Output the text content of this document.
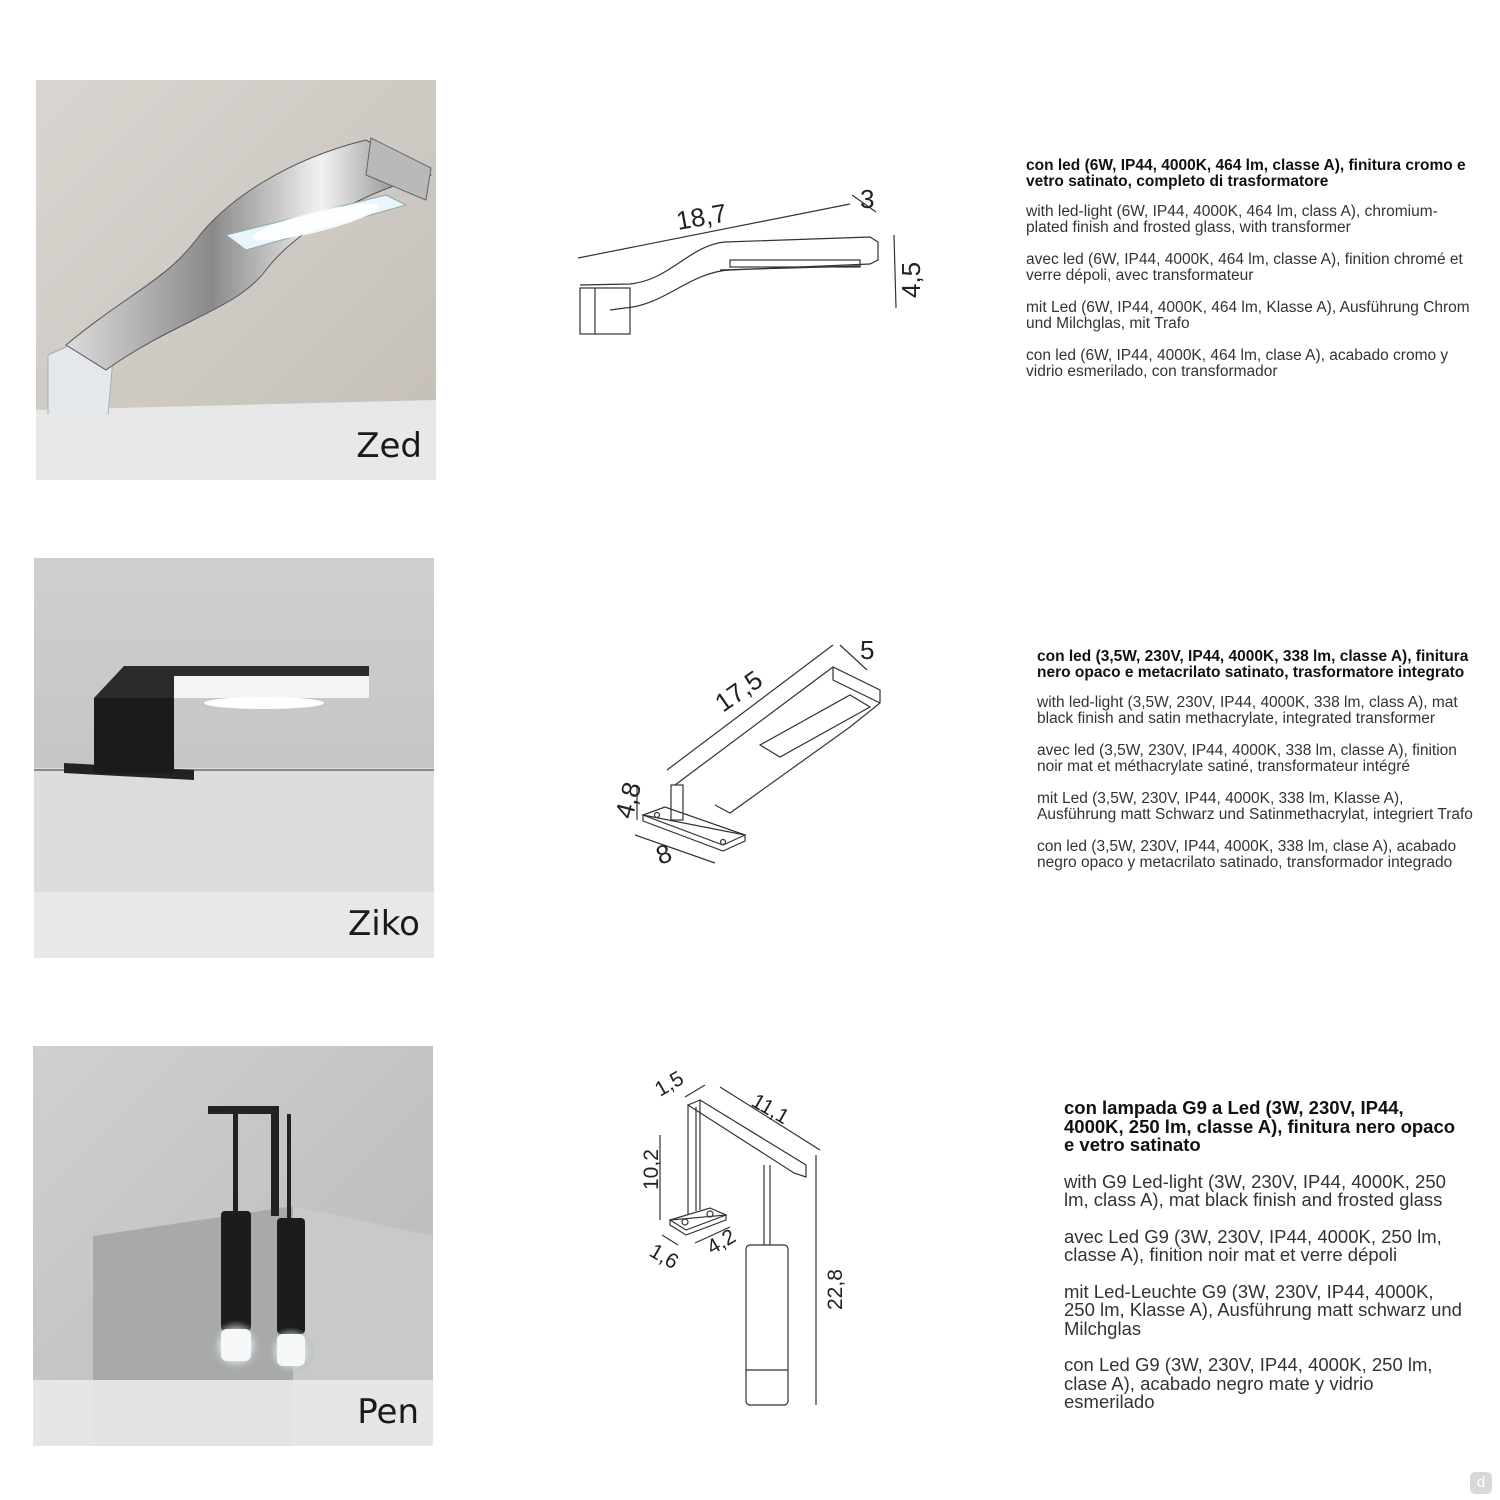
Zed
18,7	3
4,5

con led (6W, IP44, 4000K, 464 lm, classe A), finitura cromo e vetro satinato, completo di trasformatore

with led-light (6W, IP44, 4000K, 464 lm, class A), chromium-plated finish and frosted glass, with transformer

avec led (6W, IP44, 4000K, 464 lm, classe A), finition chromé et verre dépoli, avec transformateur

mit Led (6W, IP44, 4000K, 464 lm, Klasse A), Ausführung Chrom und Milchglas, mit Trafo

con led (6W, IP44, 4000K, 464 lm, clase A), acabado cromo y vidrio esmerilado, con transformador

Ziko
17,5
5
4,8
8

con led (3,5W, 230V, IP44, 4000K, 338 lm, classe A), finitura nero opaco e metacrilato satinato, trasformatore integrato

with led-light (3,5W, 230V, IP44, 4000K, 338 lm, class A), mat black finish and satin methacrylate, integrated transformer

avec led (3,5W, 230V, IP44, 4000K, 338 lm, classe A), finition noir mat et méthacrylate satiné, transformateur intégré

mit Led (3,5W, 230V, IP44, 4000K, 338 lm, Klasse A), Ausführung matt Schwarz und Satinmethacrylat, integriert Trafo

con led (3,5W, 230V, IP44, 4000K, 338 lm, clase A), acabado negro opaco y metacrilato satinado, transformador integrado

Pen
1,5
11,1
10,2
1,6 4,2
22,8

con lampada G9 a Led (3W, 230V, IP44, 4000K, 250 lm, classe A), finitura nero opaco e vetro satinato

with G9 Led-light (3W, 230V, IP44, 4000K, 250 lm, class A), mat black finish and frosted glass

avec Led G9 (3W, 230V, IP44, 4000K, 250 lm, classe A), finition noir mat et verre dépoli

mit Led-Leuchte G9 (3W, 230V, IP44, 4000K, 250 lm, Klasse A), Ausführung matt schwarz und Milchglas

con Led G9 (3W, 230V, IP44, 4000K, 250 lm, clase A), acabado negro mate y vidrio esmerilado

d
